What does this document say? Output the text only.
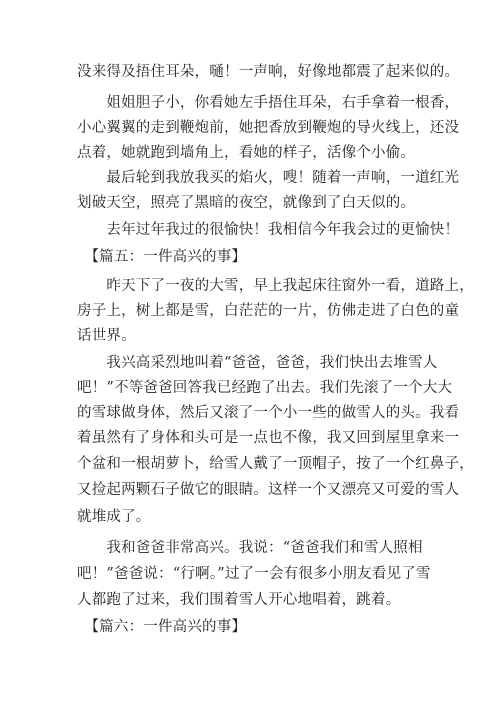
没来得及捂住耳朵，嗵！一声响，好像地都震了起来似的。
　　姐姐胆子小，你看她左手捂住耳朵，右手拿着一根香，
小心翼翼的走到鞭炮前，她把香放到鞭炮的导火线上，还没
点着，她就跑到墙角上，看她的样子，活像个小偷。
　　最后轮到我放我买的焰火，嗖！随着一声响，一道红光
划破天空，照亮了黑暗的夜空，就像到了白天似的。
　　去年过年我过的很愉快！我相信今年我会过的更愉快！
　【篇五：一件高兴的事】
　　昨天下了一夜的大雪，早上我起床往窗外一看，道路上，
房子上，树上都是雪，白茫茫的一片，仿佛走进了白色的童
话世界。
　　我兴高采烈地叫着“爸爸，爸爸，我们快出去堆雪人
吧！”不等爸爸回答我已经跑了出去。我们先滚了一个大大
的雪球做身体，然后又滚了一个小一些的做雪人的头。我看
着虽然有了身体和头可是一点也不像，我又回到屋里拿来一
个盆和一根胡萝卜，给雪人戴了一顶帽子，按了一个红鼻子，
又捡起两颗石子做它的眼睛。这样一个又漂亮又可爱的雪人
就堆成了。
　　我和爸爸非常高兴。我说：“爸爸我们和雪人照相
吧！”爸爸说：“行啊。”过了一会有很多小朋友看见了雪
人都跑了过来，我们围着雪人开心地唱着，跳着。
　【篇六：一件高兴的事】
